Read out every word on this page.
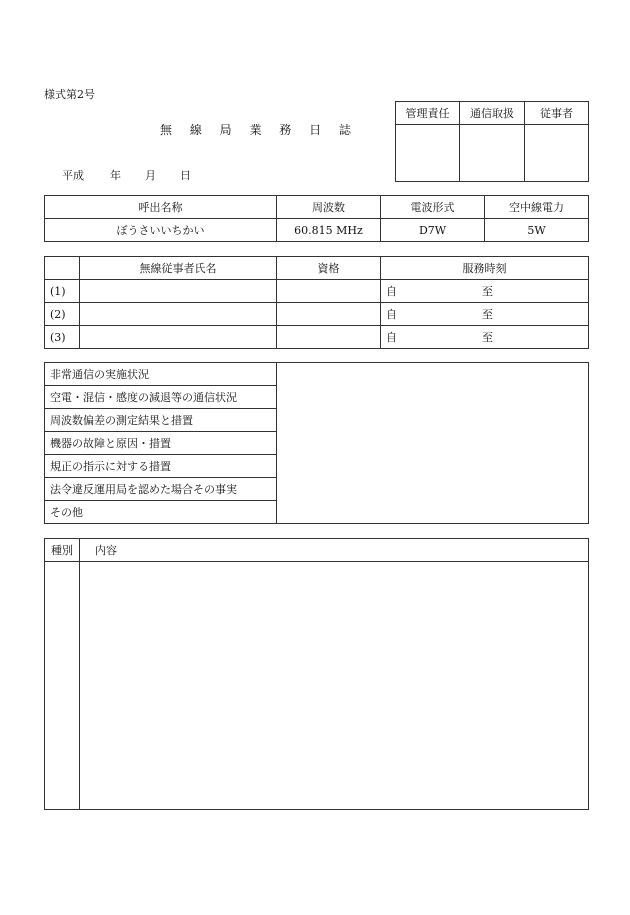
様式第2号
無 線 局 業 務 日 誌
平成 年 月 日
管理責任	通信取扱	従事者

呼出名称	周波数	電波形式	空中線電力
ぼうさいいちかい	60.815 MHz	D7W	5W
	無線従事者氏名	資格	服務時刻
(1)			自 至
(2)			自 至
(3)			自 至
非常通信の実施状況	
空電・混信・感度の減退等の通信状況
周波数偏差の測定結果と措置
機器の故障と原因・措置
規正の指示に対する措置
法令違反運用局を認めた場合その事実
その他
種別	内容
